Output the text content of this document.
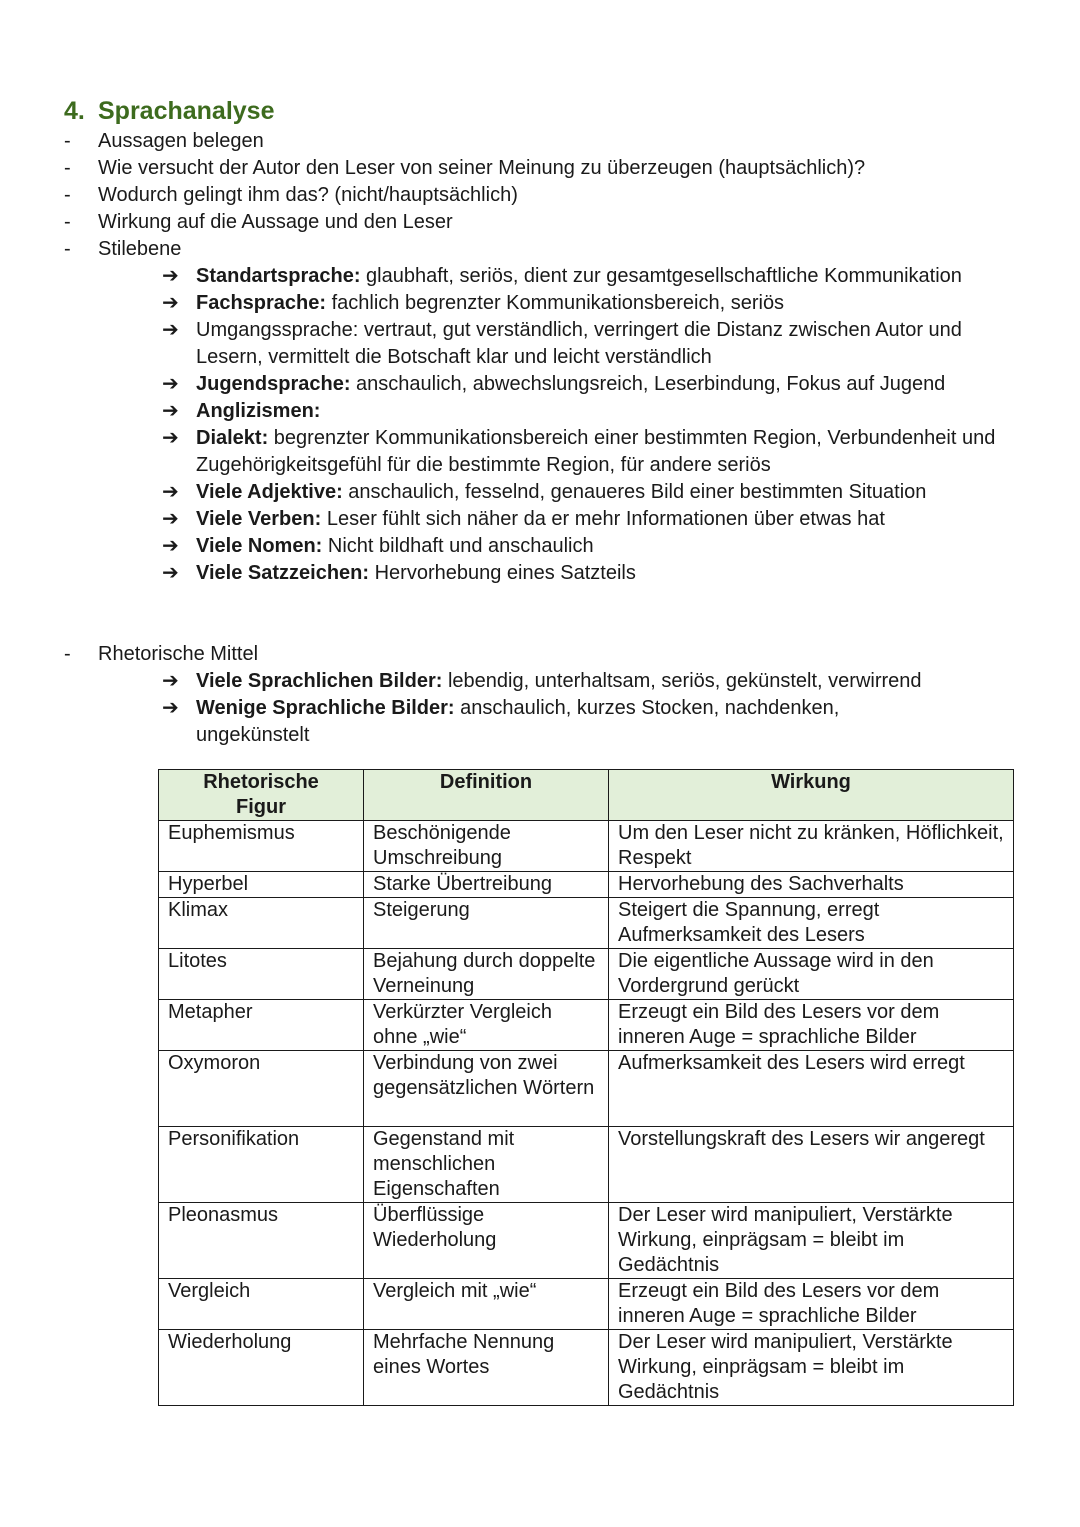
4. Sprachanalyse
- Aussagen belegen
- Wie versucht der Autor den Leser von seiner Meinung zu überzeugen (hauptsächlich)?
- Wodurch gelingt ihm das? (nicht/hauptsächlich)
- Wirkung auf die Aussage und den Leser
- Stilebene
➔ Standartsprache: glaubhaft, seriös, dient zur gesamtgesellschaftliche Kommunikation
➔ Fachsprache: fachlich begrenzter Kommunikationsbereich, seriös
➔ Umgangssprache: vertraut, gut verständlich, verringert die Distanz zwischen Autor und Lesern, vermittelt die Botschaft klar und leicht verständlich
➔ Jugendsprache: anschaulich, abwechslungsreich, Leserbindung, Fokus auf Jugend
➔ Anglizismen:
➔ Dialekt: begrenzter Kommunikationsbereich einer bestimmten Region, Verbundenheit und Zugehörigkeitsgefühl für die bestimmte Region, für andere seriös
➔ Viele Adjektive: anschaulich, fesselnd, genaueres Bild einer bestimmten Situation
➔ Viele Verben: Leser fühlt sich näher da er mehr Informationen über etwas hat
➔ Viele Nomen: Nicht bildhaft und anschaulich
➔ Viele Satzzeichen: Hervorhebung eines Satzteils
- Rhetorische Mittel
➔ Viele Sprachlichen Bilder: lebendig, unterhaltsam, seriös, gekünstelt, verwirrend
➔ Wenige Sprachliche Bilder: anschaulich, kurzes Stocken, nachdenken, ungekünstelt
Rhetorische Figur	Definition	Wirkung
Euphemismus	Beschönigende Umschreibung	Um den Leser nicht zu kränken, Höflichkeit, Respekt
Hyperbel	Starke Übertreibung	Hervorhebung des Sachverhalts
Klimax	Steigerung	Steigert die Spannung, erregt Aufmerksamkeit des Lesers
Litotes	Bejahung durch doppelte Verneinung	Die eigentliche Aussage wird in den Vordergrund gerückt
Metapher	Verkürzter Vergleich ohne „wie“	Erzeugt ein Bild des Lesers vor dem inneren Auge = sprachliche Bilder
Oxymoron	Verbindung von zwei gegensätzlichen Wörtern	Aufmerksamkeit des Lesers wird erregt
Personifikation	Gegenstand mit menschlichen Eigenschaften	Vorstellungskraft des Lesers wir angeregt
Pleonasmus	Überflüssige Wiederholung	Der Leser wird manipuliert, Verstärkte Wirkung, einprägsam = bleibt im Gedächtnis
Vergleich	Vergleich mit „wie“	Erzeugt ein Bild des Lesers vor dem inneren Auge = sprachliche Bilder
Wiederholung	Mehrfache Nennung eines Wortes	Der Leser wird manipuliert, Verstärkte Wirkung, einprägsam = bleibt im Gedächtnis
